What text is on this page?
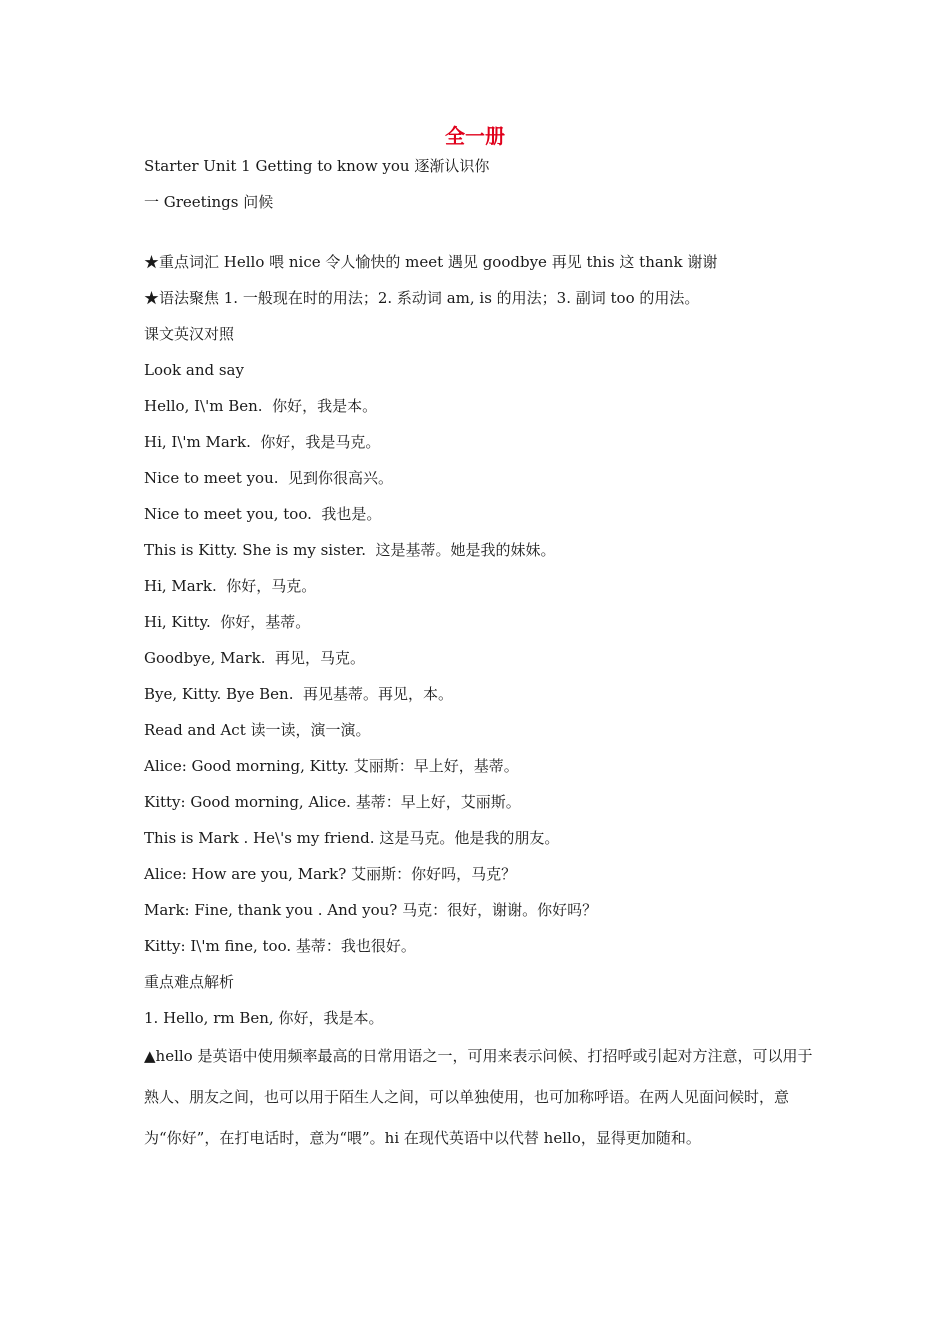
全一册
Starter Unit 1 Getting to know you 逐渐认识你
一 Greetings 问候
★重点词汇 Hello 喂 nice 令人愉快的 meet 遇见 goodbye 再见 this 这 thank 谢谢
★语法聚焦 1. 一般现在时的用法；2. 系动词 am, is 的用法；3. 副词 too 的用法。
课文英汉对照
Look and say
Hello, I\'m Ben.  你好，我是本。
Hi, I\'m Mark.  你好，我是马克。
Nice to meet you.  见到你很高兴。
Nice to meet you, too.  我也是。
This is Kitty. She is my sister.  这是基蒂。她是我的妹妹。
Hi, Mark.  你好，马克。
Hi, Kitty.  你好，基蒂。
Goodbye, Mark.  再见，马克。
Bye, Kitty. Bye Ben.  再见基蒂。再见，本。
Read and Act 读一读，演一演。
Alice: Good morning, Kitty. 艾丽斯：早上好，基蒂。
Kitty: Good morning, Alice. 基蒂：早上好，艾丽斯。
This is Mark . He\'s my friend. 这是马克。他是我的朋友。
Alice: How are you, Mark? 艾丽斯：你好吗，马克？
Mark: Fine, thank you . And you? 马克：很好，谢谢。你好吗？
Kitty: I\'m fine, too. 基蒂：我也很好。
重点难点解析
1. Hello, rm Ben, 你好，我是本。
▲hello 是英语中使用频率最高的日常用语之一，可用来表示问候、打招呼或引起对方注意，可以用于熟人、朋友之间，也可以用于陌生人之间，可以单独使用，也可加称呼语。在两人见面问候时，意为“你好”，在打电话时，意为“喂”。hi 在现代英语中以代替 hello，显得更加随和。
